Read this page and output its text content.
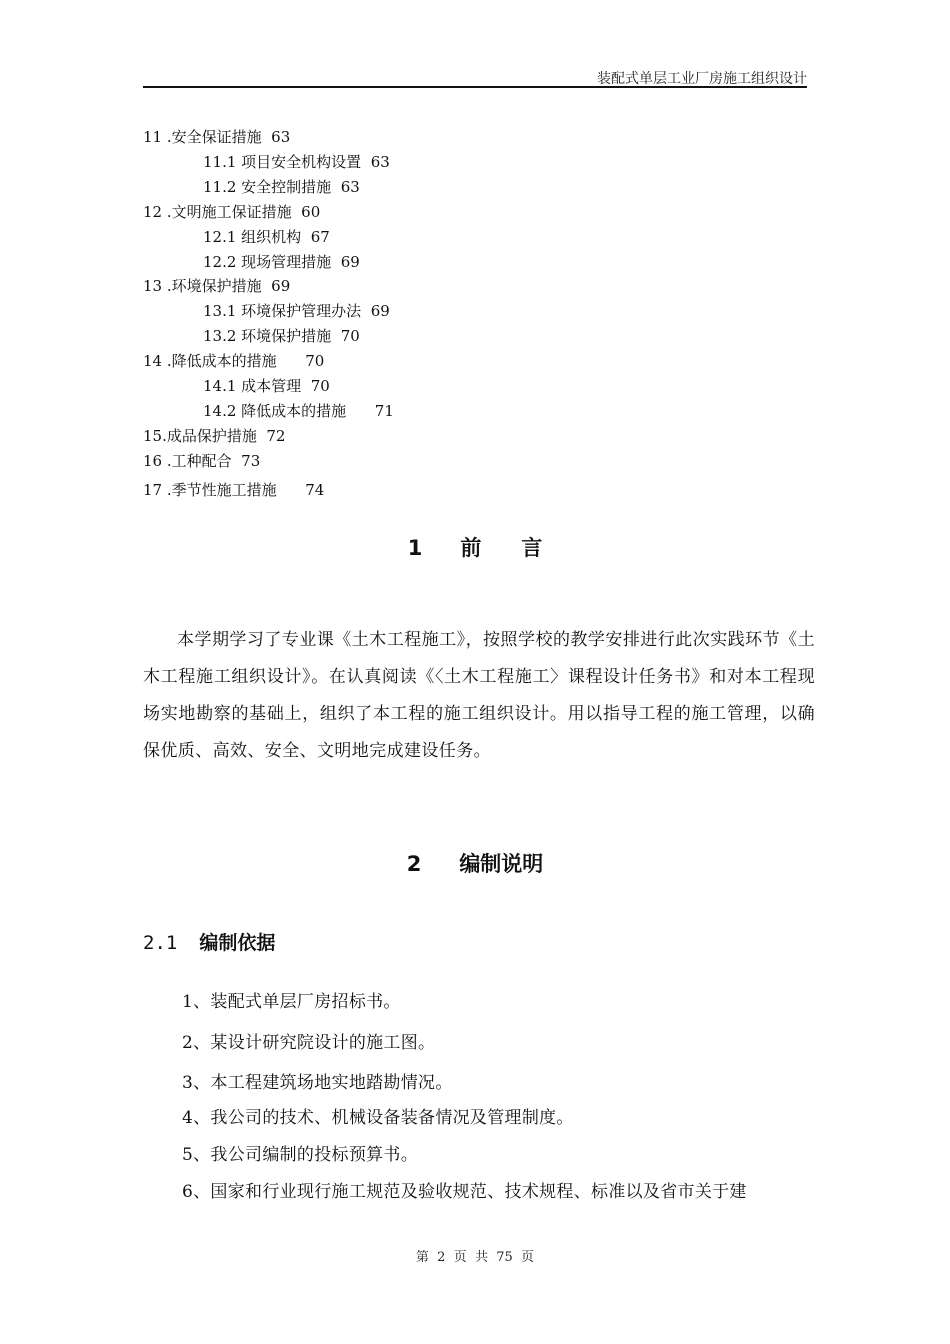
装配式单层工业厂房施工组织设计
11 .安全保证措施  63
11.1 项目安全机构设置  63
11.2 安全控制措施  63
12 .文明施工保证措施  60
12.1 组织机构  67
12.2 现场管理措施  69
13 .环境保护措施  69
13.1 环境保护管理办法  69
13.2 环境保护措施  70
14 .降低成本的措施      70
14.1 成本管理  70
14.2 降低成本的措施      71
15.成品保护措施  72
16 .工种配合  73
17 .季节性施工措施      74
1 前 言
本学期学习了专业课《土木工程施工》，按照学校的教学安排进行此次实践环节《土木工程施工组织设计》。在认真阅读《〈土木工程施工〉课程设计任务书》和对本工程现场实地勘察的基础上，组织了本工程的施工组织设计。用以指导工程的施工管理，以确保优质、高效、安全、文明地完成建设任务。
2 编制说明
2.1 编制依据
1、装配式单层厂房招标书。
2、某设计研究院设计的施工图。
3、本工程建筑场地实地踏勘情况。
4、我公司的技术、机械设备装备情况及管理制度。
5、我公司编制的投标预算书。
6、国家和行业现行施工规范及验收规范、技术规程、标准以及省市关于建
第  2  页  共  75  页
